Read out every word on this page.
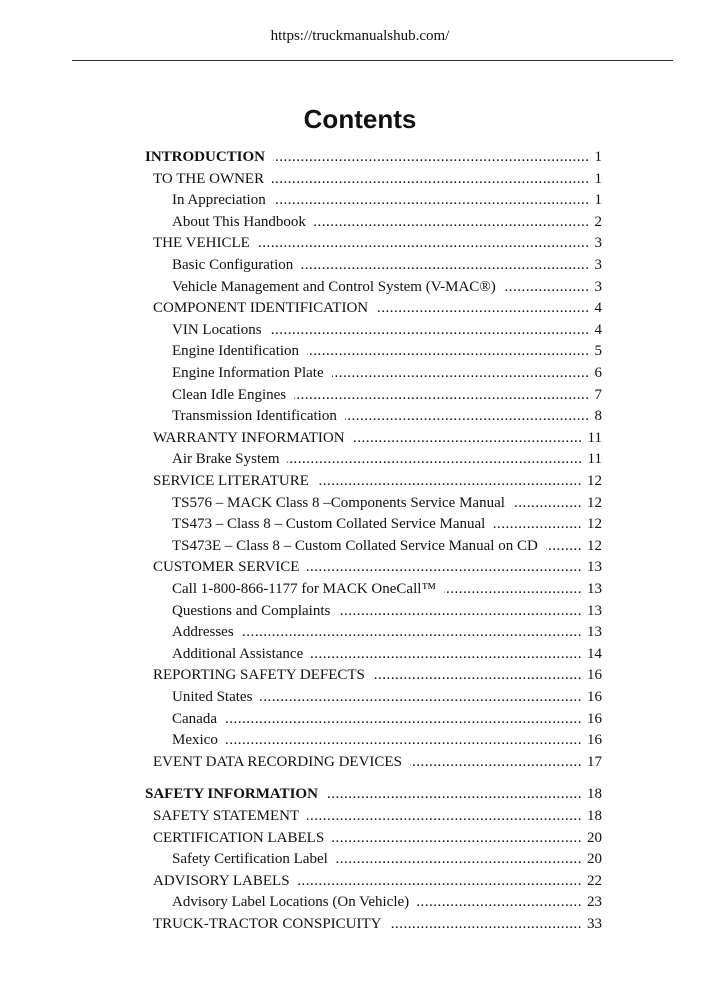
https://truckmanualshub.com/
Contents
INTRODUCTION .....	1
TO THE OWNER .....	1
In Appreciation .....	1
About This Handbook .....	2
THE VEHICLE .....	3
Basic Configuration .....	3
Vehicle Management and Control System (V-MAC®) .....	3
COMPONENT IDENTIFICATION .....	4
VIN Locations .....	4
Engine Identification .....	5
Engine Information Plate .....	6
Clean Idle Engines .....	7
Transmission Identification .....	8
WARRANTY INFORMATION .....	11
Air Brake System .....	11
SERVICE LITERATURE .....	12
TS576 – MACK Class 8 –Components Service Manual .....	12
TS473 – Class 8 – Custom Collated Service Manual .....	12
TS473E – Class 8 – Custom Collated Service Manual on CD .....	12
CUSTOMER SERVICE .....	13
Call 1-800-866-1177 for MACK OneCall™ .....	13
Questions and Complaints .....	13
Addresses .....	13
Additional Assistance .....	14
REPORTING SAFETY DEFECTS .....	16
United States .....	16
Canada .....	16
Mexico .....	16
EVENT DATA RECORDING DEVICES .....	17
SAFETY INFORMATION .....	18
SAFETY STATEMENT .....	18
CERTIFICATION LABELS .....	20
Safety Certification Label .....	20
ADVISORY LABELS .....	22
Advisory Label Locations (On Vehicle) .....	23
TRUCK-TRACTOR CONSPICUITY .....	33
